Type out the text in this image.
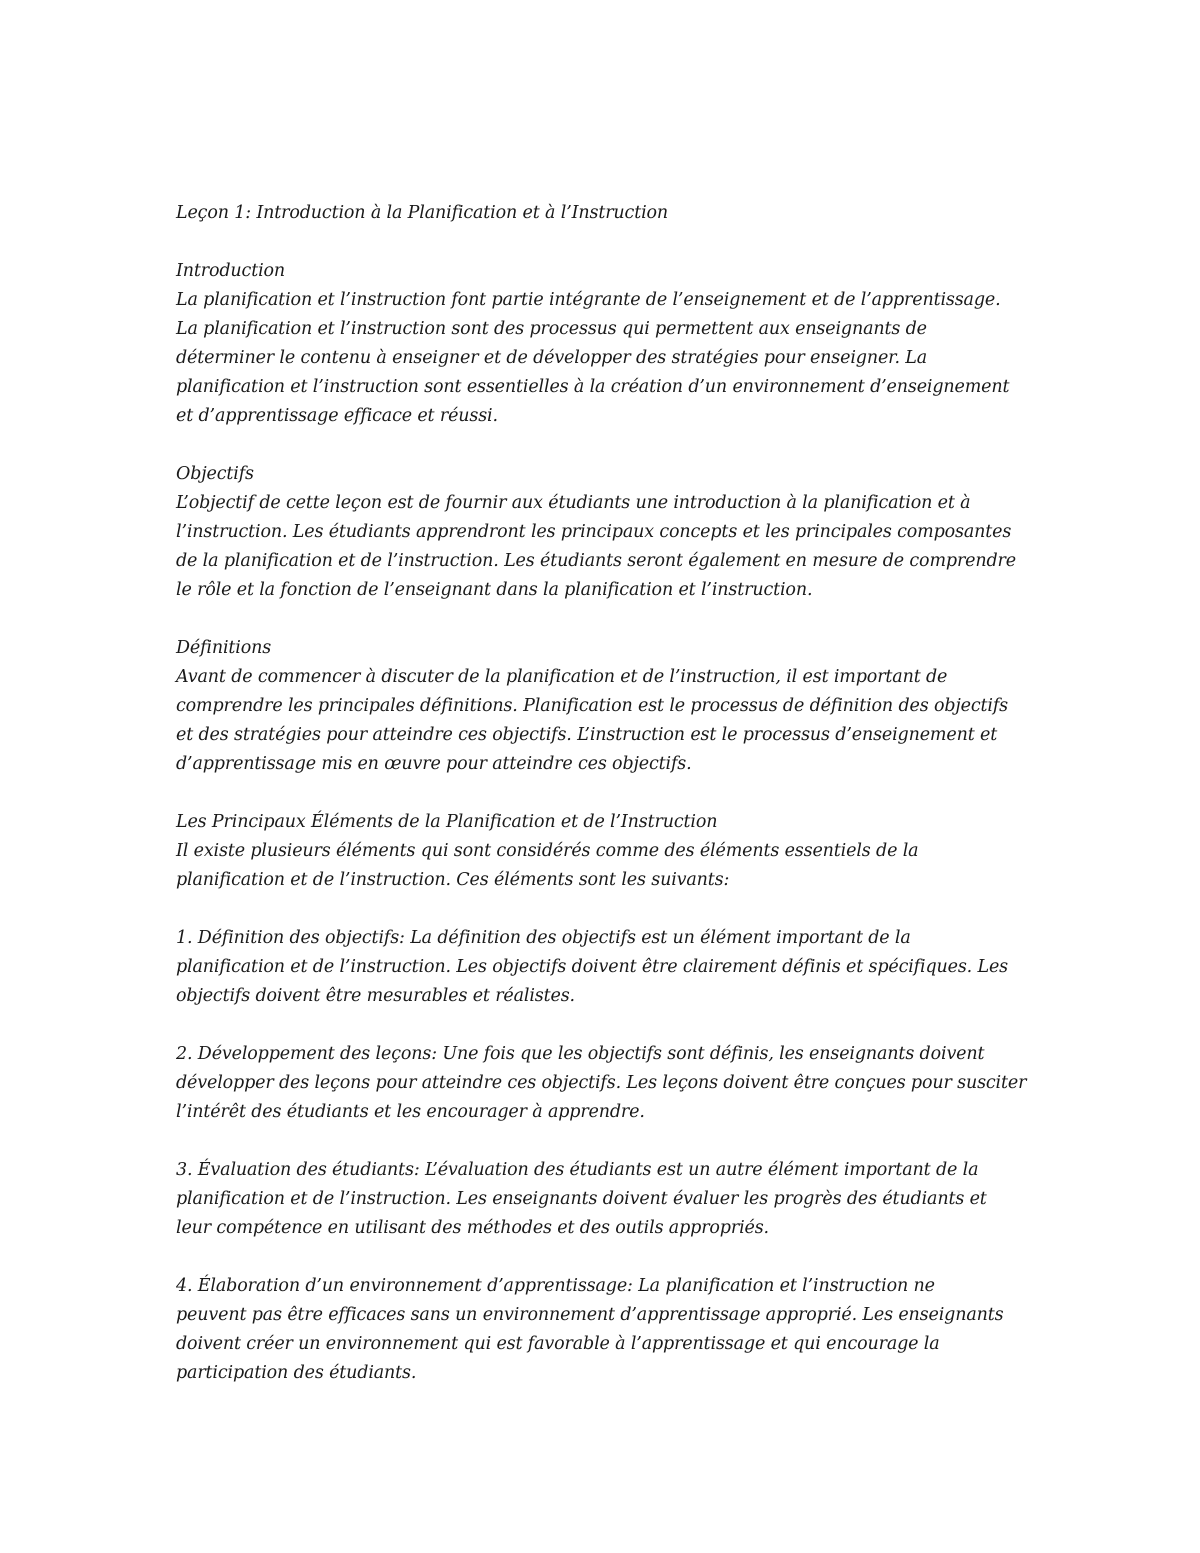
Leçon 1: Introduction à la Planification et à l’Instruction
Introduction
La planification et l’instruction font partie intégrante de l’enseignement et de l’apprentissage.
La planification et l’instruction sont des processus qui permettent aux enseignants de
déterminer le contenu à enseigner et de développer des stratégies pour enseigner. La
planification et l’instruction sont essentielles à la création d’un environnement d’enseignement
et d’apprentissage efficace et réussi.
Objectifs
L’objectif de cette leçon est de fournir aux étudiants une introduction à la planification et à
l’instruction. Les étudiants apprendront les principaux concepts et les principales composantes
de la planification et de l’instruction. Les étudiants seront également en mesure de comprendre
le rôle et la fonction de l’enseignant dans la planification et l’instruction.
Définitions
Avant de commencer à discuter de la planification et de l’instruction, il est important de
comprendre les principales définitions. Planification est le processus de définition des objectifs
et des stratégies pour atteindre ces objectifs. L’instruction est le processus d’enseignement et
d’apprentissage mis en œuvre pour atteindre ces objectifs.
Les Principaux Éléments de la Planification et de l’Instruction
Il existe plusieurs éléments qui sont considérés comme des éléments essentiels de la
planification et de l’instruction. Ces éléments sont les suivants:
1. Définition des objectifs: La définition des objectifs est un élément important de la
planification et de l’instruction. Les objectifs doivent être clairement définis et spécifiques. Les
objectifs doivent être mesurables et réalistes.
2. Développement des leçons: Une fois que les objectifs sont définis, les enseignants doivent
développer des leçons pour atteindre ces objectifs. Les leçons doivent être conçues pour susciter
l’intérêt des étudiants et les encourager à apprendre.
3. Évaluation des étudiants: L’évaluation des étudiants est un autre élément important de la
planification et de l’instruction. Les enseignants doivent évaluer les progrès des étudiants et
leur compétence en utilisant des méthodes et des outils appropriés.
4. Élaboration d’un environnement d’apprentissage: La planification et l’instruction ne
peuvent pas être efficaces sans un environnement d’apprentissage approprié. Les enseignants
doivent créer un environnement qui est favorable à l’apprentissage et qui encourage la
participation des étudiants.
